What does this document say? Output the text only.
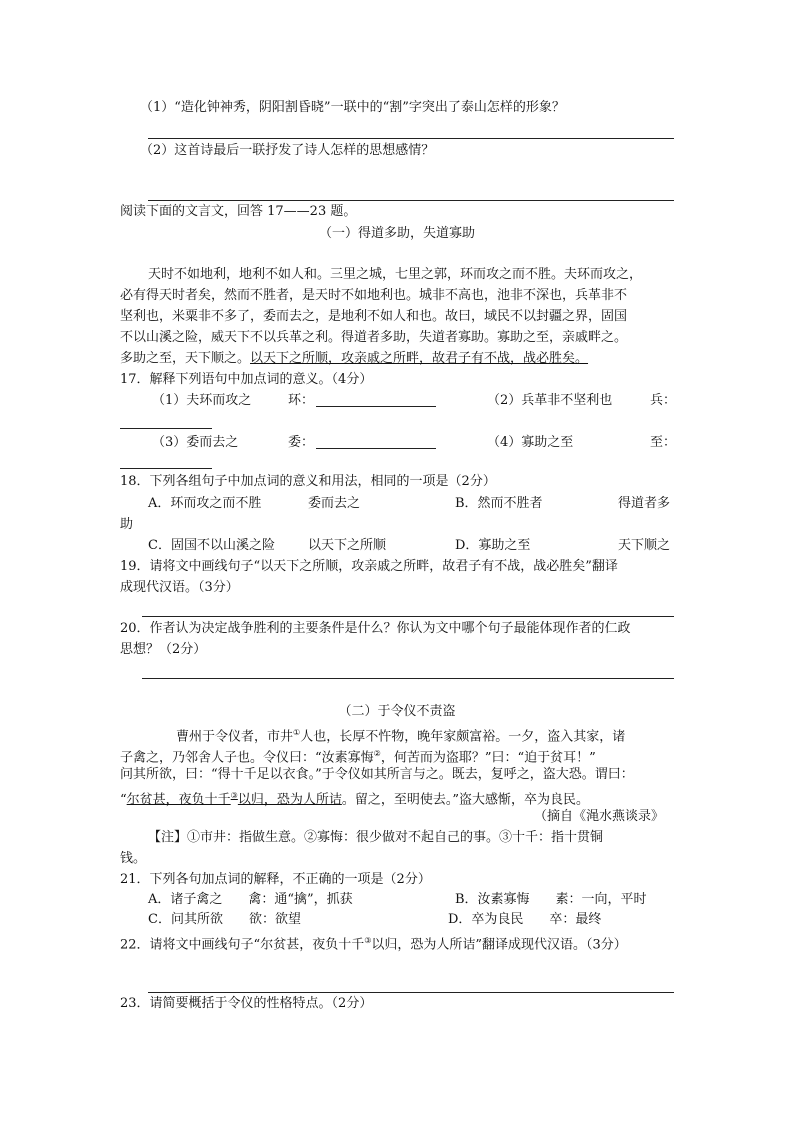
（1）“造化钟神秀，阴阳割昏晓”一联中的“割”字突出了泰山怎样的形象？
（2）这首诗最后一联抒发了诗人怎样的思想感情？
阅读下面的文言文，回答 17——23 题。
（一）得道多助，失道寡助
天时不如地利，地利不如人和。三里之城，七里之郭，环而攻之而不胜。夫环而攻之，
必有得天时者矣，然而不胜者，是天时不如地利也。城非不高也，池非不深也，兵革非不
坚利也，米粟非不多了，委而去之，是地利不如人和也。故曰，域民不以封疆之界，固国
不以山溪之险，威天下不以兵革之利。得道者多助，失道者寡助。寡助之至，亲戚畔之。
多助之至，天下顺之。以天下之所顺，攻亲戚之所畔，故君子有不战，战必胜矣。
17．解释下列语句中加点词的意义。（4分）
（1）夫环而攻之	环：	（2）兵革非不坚利也	兵：
（3）委而去之	委：	（4）寡助之至	至：
18．下列各组句子中加点词的意义和用法，相同的一项是（2分）
A．环而攻之而不胜	委而去之	B．然而不胜者	得道者多
助
C．固国不以山溪之险	以天下之所顺	D．寡助之至	天下顺之
19．请将文中画线句子“以天下之所顺，攻亲戚之所畔，故君子有不战，战必胜矣”翻译
成现代汉语。（3分）
20．作者认为决定战争胜利的主要条件是什么？你认为文中哪个句子最能体现作者的仁政
思想？（2分）
（二）于令仪不责盗
曹州于令仪者，市井①人也，长厚不忤物，晚年家颇富裕。一夕，盗入其家，诸
子禽之，乃邻舍人子也。令仪曰：“汝素寡悔②，何苦而为盗耶？”曰：“迫于贫耳！”
问其所欲，曰：“得十千足以衣食。”于令仪如其所言与之。既去，复呼之，盗大恐。谓曰：
“尔贫甚，夜负十千③以归，恐为人所诘。留之，至明使去。”盗大感惭，卒为良民。
（摘自《渑水燕谈录》
【注】①市井：指做生意。②寡悔：很少做对不起自己的事。③十千：指十贯铜
钱。
21．下列各句加点词的解释，不正确的一项是（2分）
A．诸子禽之　　禽：通“擒”，抓获	B．汝素寡悔　　素：一向，平时
C．问其所欲　　欲：欲望	D．卒为良民　　卒：最终
22．请将文中画线句子“尔贫甚，夜负十千③以归，恐为人所诘”翻译成现代汉语。（3分）
23．请简要概括于令仪的性格特点。（2分）
